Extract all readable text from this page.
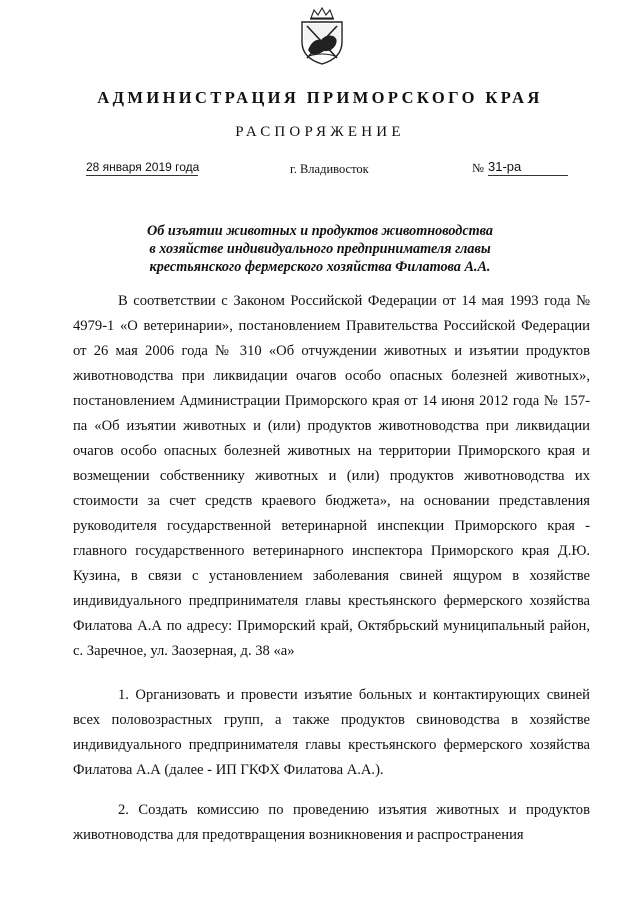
АДМИНИСТРАЦИЯ ПРИМОРСКОГО КРАЯ
РАСПОРЯЖЕНИЕ
28 января 2019 года	г. Владивосток	№ 31-ра
Об изъятии животных и продуктов животноводства
в хозяйстве индивидуального предпринимателя главы
крестьянского фермерского хозяйства Филатова А.А.
В соответствии с Законом Российской Федерации от 14 мая 1993 года № 4979-1 «О ветеринарии», постановлением Правительства Российской Федерации от 26 мая 2006 года № 310 «Об отчуждении животных и изъятии продуктов животноводства при ликвидации очагов особо опасных болезней животных», постановлением Администрации Приморского края от 14 июня 2012 года № 157-па «Об изъятии животных и (или) продуктов животноводства при ликвидации очагов особо опасных болезней животных на территории Приморского края и возмещении собственнику животных и (или) продуктов животноводства их стоимости за счет средств краевого бюджета», на основании представления руководителя государственной ветеринарной инспекции Приморского края - главного государственного ветеринарного инспектора Приморского края Д.Ю. Кузина, в связи с установлением заболевания свиней ящуром в хозяйстве индивидуального предпринимателя главы крестьянского фермерского хозяйства Филатова А.А по адресу: Приморский край, Октябрьский муниципальный район, с. Заречное, ул. Заозерная, д. 38 «а»
1. Организовать и провести изъятие больных и контактирующих свиней всех половозрастных групп, а также продуктов свиноводства в хозяйстве индивидуального предпринимателя главы крестьянского фермерского хозяйства Филатова А.А (далее - ИП ГКФХ Филатова А.А.).
2. Создать комиссию по проведению изъятия животных и продуктов животноводства для предотвращения возникновения и распространения
